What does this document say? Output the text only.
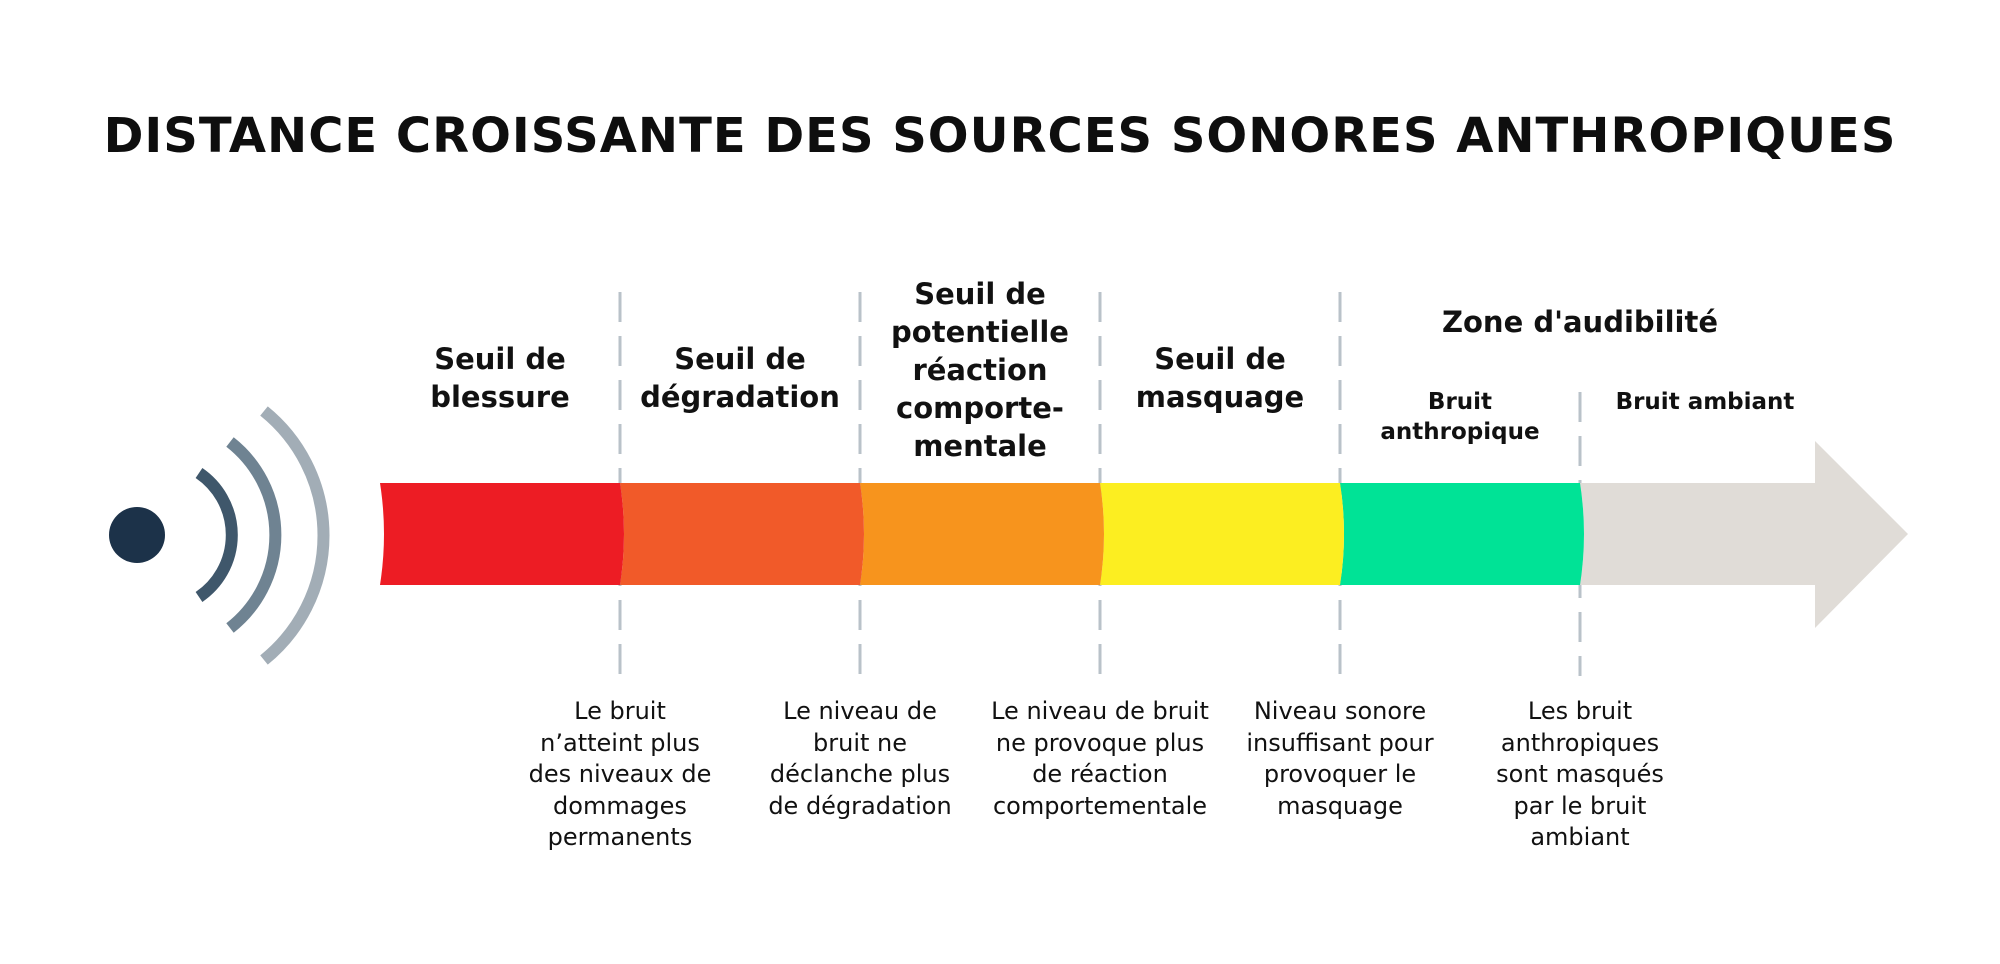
DISTANCE CROISSANTE DES SOURCES SONORES ANTHROPIQUES
Seuil de
blessure
Seuil de
dégradation
Seuil de
potentielle
réaction
comporte-
mentale
Seuil de
masquage
Zone d'audibilité
Bruit
anthropique
Bruit ambiant
Le bruit
n’atteint plus
des niveaux de
dommages
permanents
Le niveau de
bruit ne
déclanche plus
de dégradation
Le niveau de bruit
ne provoque plus
de réaction
comportementale
Niveau sonore
insuffisant pour
provoquer le
masquage
Les bruit
anthropiques
sont masqués
par le bruit
ambiant
